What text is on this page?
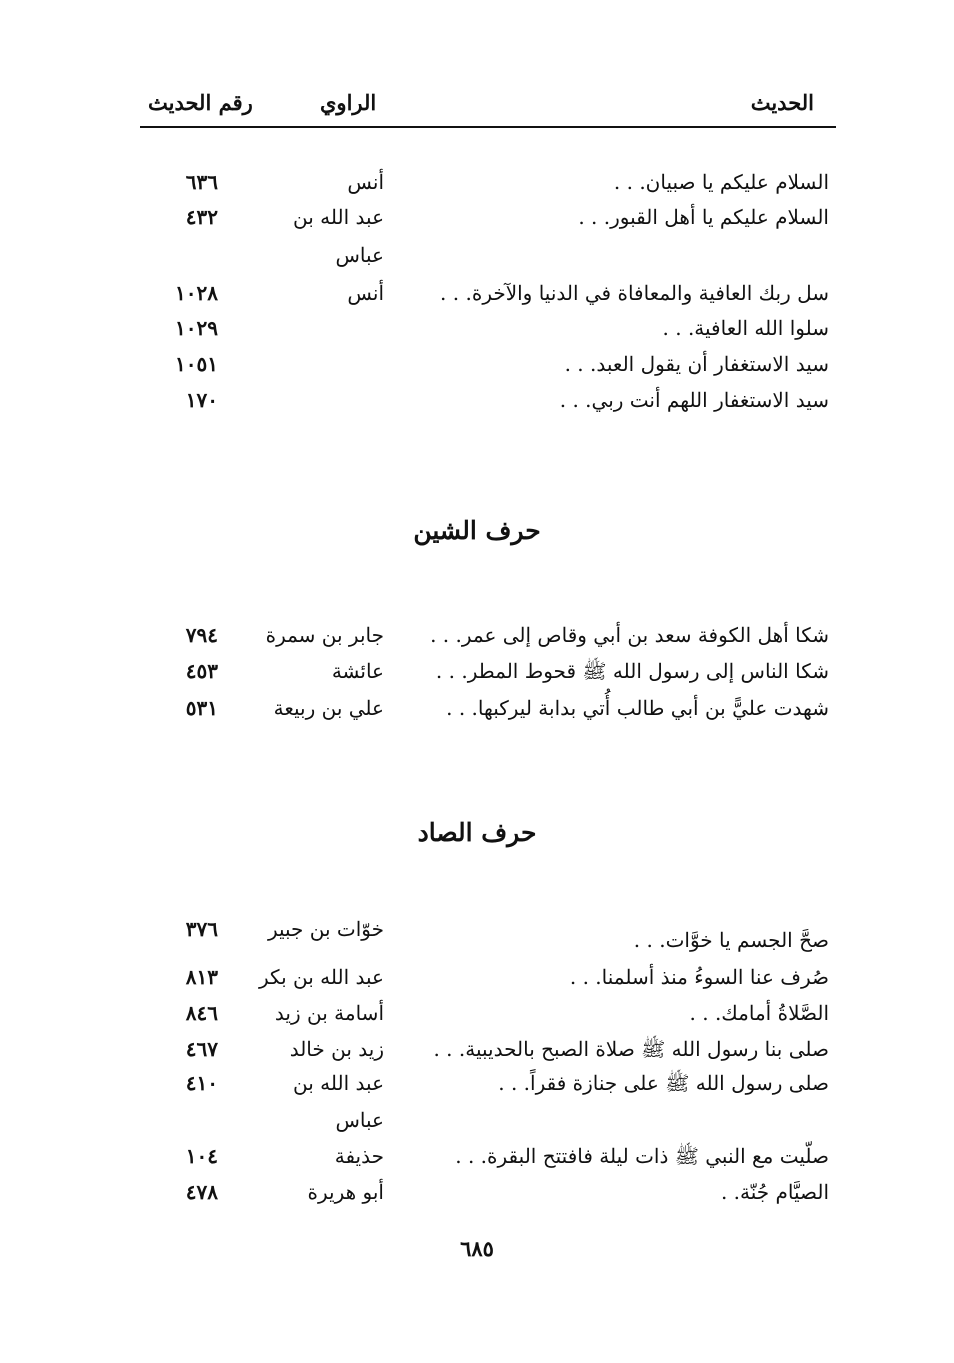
الحديث
الراوي
رقم الحديث
السلام عليكم يا صبيان. . .
أنس
٦٣٦
السلام عليكم يا أهل القبور. . .
عبد الله بن
٤٣٢
عباس
سل ربك العافية والمعافاة في الدنيا والآخرة. . .
أنس
١٠٢٨
سلوا الله العافية. . .
١٠٢٩
سيد الاستغفار أن يقول العبد. . .
١٠٥١
سيد الاستغفار اللهم أنت ربي. . .
١٧٠
حرف الشين
شكا أهل الكوفة سعد بن أبي وقاص إلى عمر. . .
جابر بن سمرة
٧٩٤
شكا الناس إلى رسول الله ﷺ قحوط المطر. . .
عائشة
٤٥٣
شهدت عليًّ بن أبي طالب أُتي بدابة ليركبها. . .
علي بن ربيعة
٥٣١
حرف الصاد
خوّات بن جبير
٣٧٦	صحَّ الجسم يا خوَّات. . .
صُرف عنا السوءُ منذ أسلمنا. . .
عبد الله بن بكر
٨١٣
الصَّلاةُ أمامك. . .
أسامة بن زيد
٨٤٦
صلى بنا رسول الله ﷺ صلاة الصبح بالحديبية. . .
زيد بن خالد
٤٦٧
صلى رسول الله ﷺ على جنازة فقراً. . .
عبد الله بن
٤١٠
عباس
صلّيت مع النبي ﷺ ذات ليلة فافتتح البقرة. . .
حذيفة
١٠٤
الصيَّام جُنّة. .
أبو هريرة
٤٧٨
٦٨٥
